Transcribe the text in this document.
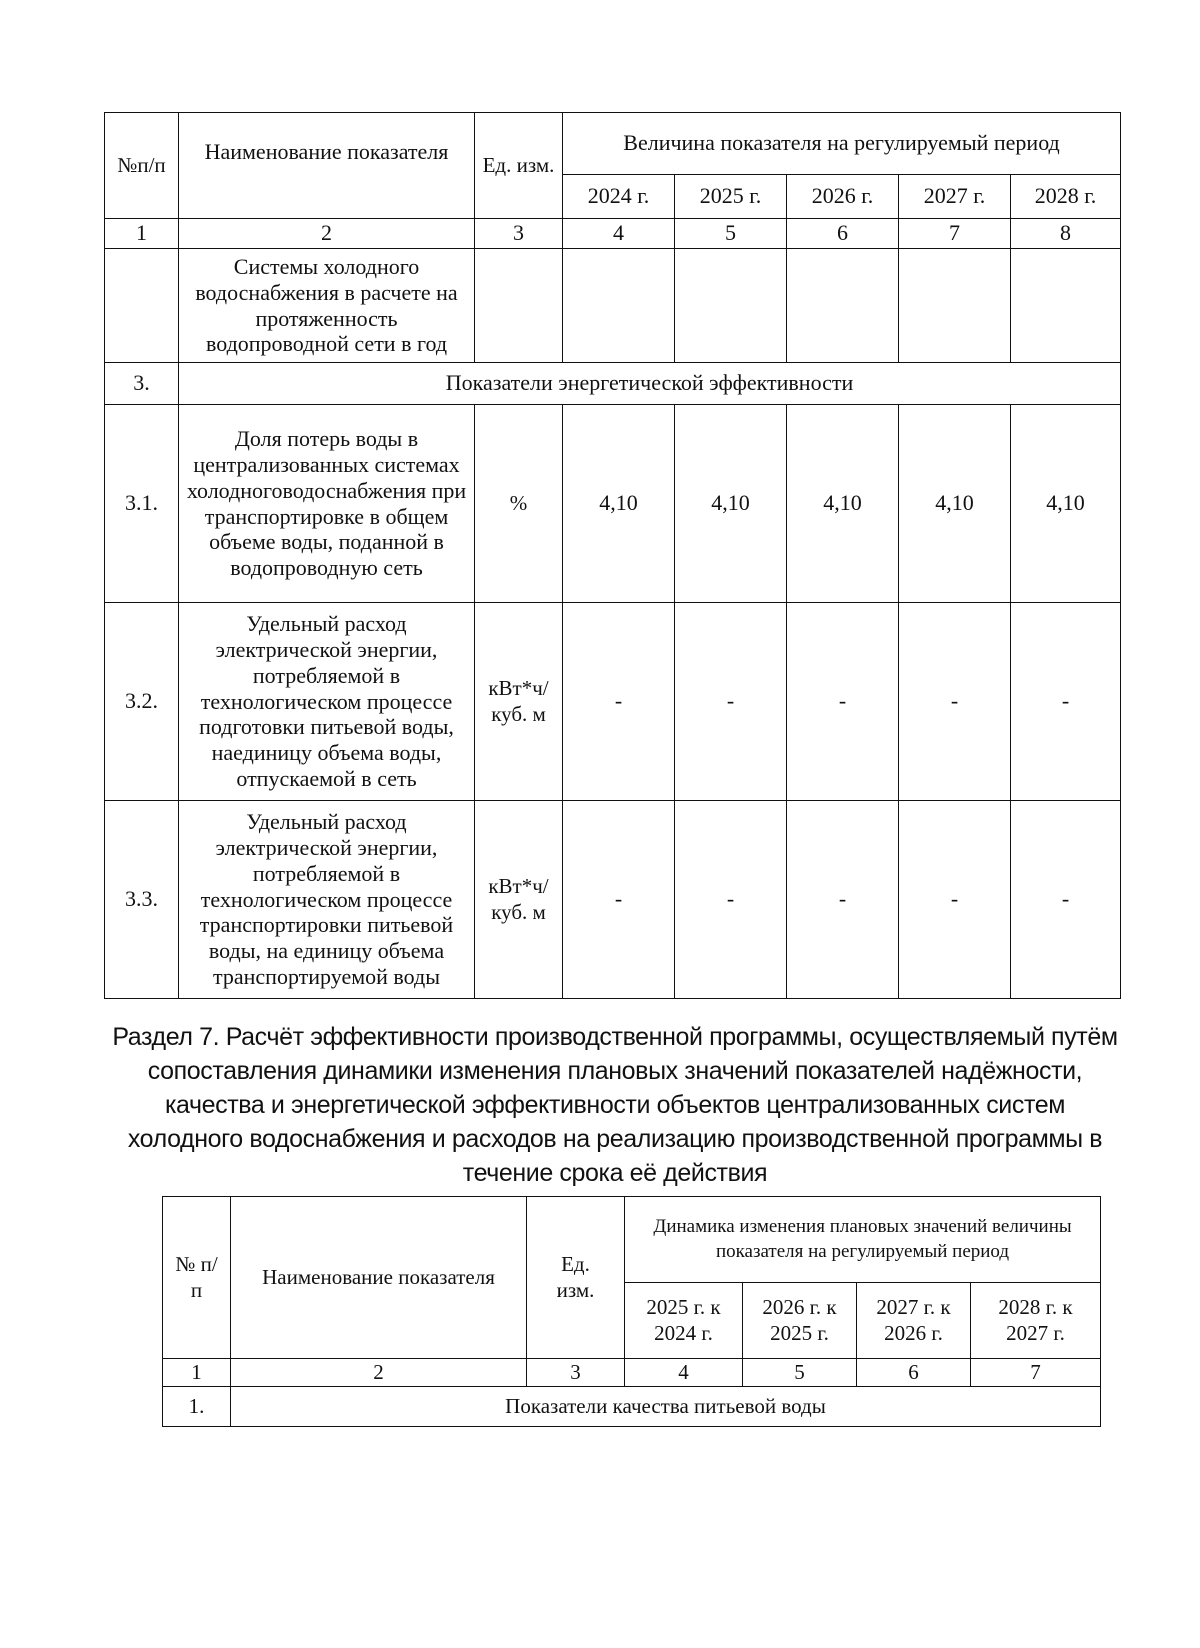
№п/п	Наименование показателя	Ед. изм.	Величина показателя на регулируемый период				
			2024 г.	2025 г.	2026 г.	2027 г.	2028 г.
1	2	3	4	5	6	7	8
	Системы холодного водоснабжения в расчете на протяженность водопроводной сети в год						
3.	Показатели энергетической эффективности						
3.1.	Доля потерь воды в централизованных системах холодноговодоснабжения при транспортировке в общем объеме воды, поданной в водопроводную сеть	%	4,10	4,10	4,10	4,10	4,10
3.2.	Удельный расход электрической энергии, потребляемой в технологическом процессе подготовки питьевой воды, наединицу объема воды, отпускаемой в сеть	кВт*ч/ куб. м	-	-	-	-	-
3.3.	Удельный расход электрической энергии, потребляемой в технологическом процессе транспортировки питьевой воды, на единицу объема транспортируемой воды	кВт*ч/ куб. м	-	-	-	-	-
Раздел 7. Расчёт эффективности производственной программы, осуществляемый путём сопоставления динамики изменения плановых значений показателей надёжности, качества и энергетической эффективности объектов централизованных систем холодного водоснабжения и расходов на реализацию производственной программы в течение срока её действия
№ п/п	Наименование показателя	Ед. изм.	Динамика изменения плановых значений величины показателя на регулируемый период			
			2025 г. к 2024 г.	2026 г. к 2025 г.	2027 г. к 2026 г.	2028 г. к 2027 г.
1	2	3	4	5	6	7
1.	Показатели качества питьевой воды					
